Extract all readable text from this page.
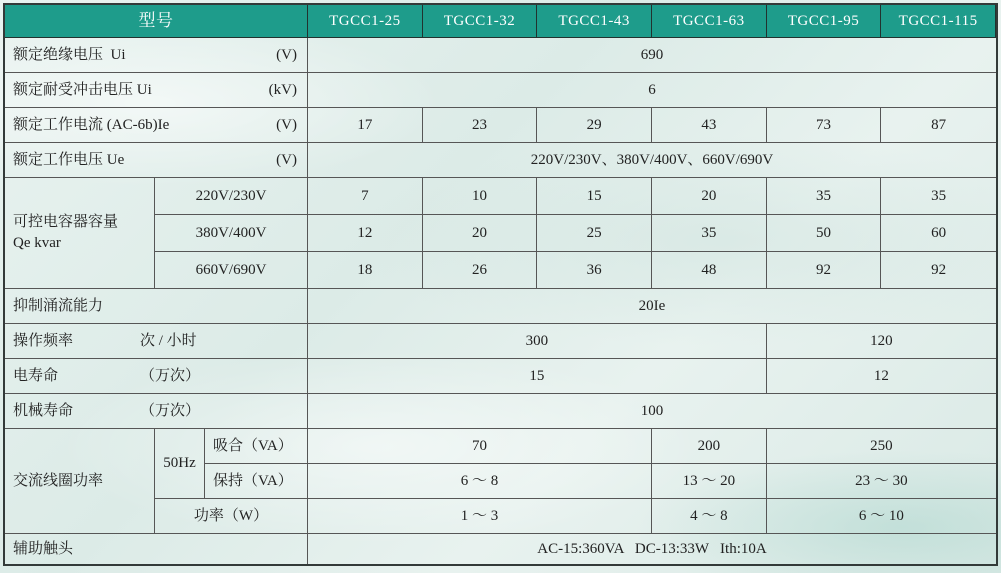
型号	TGCC1-25	TGCC1-32	TGCC1-43	TGCC1-63	TGCC1-95	TGCC1-115
额定绝缘电压  Ui	(V)	690
额定耐受冲击电压 Ui	(kV)	6
额定工作电流 (AC-6b)Ie	(V)	17	23	29	43	73	87
额定工作电压 Ue	(V)	220V/230V、380V/400V、660V/690V
可控电容器容量
Qe kvar
220V/230V	7	10	15	20	35	35
380V/400V	12	20	25	35	50	60
660V/690V	18	26	36	48	92	92
抑制涌流能力	20Ie
操作频率	次 / 小时	300	120
电寿命	（万次）	15	12
机械寿命	（万次）	100
交流线圈功率
50Hz
吸合（VA）	70	200	250
保持（VA）	6 ～ 8	13 ～ 20	23 ～ 30
功率（W）	1 ～ 3	4 ～ 8	6 ～ 10
辅助触头	AC-15:360VA   DC-13:33W   Ith:10A
